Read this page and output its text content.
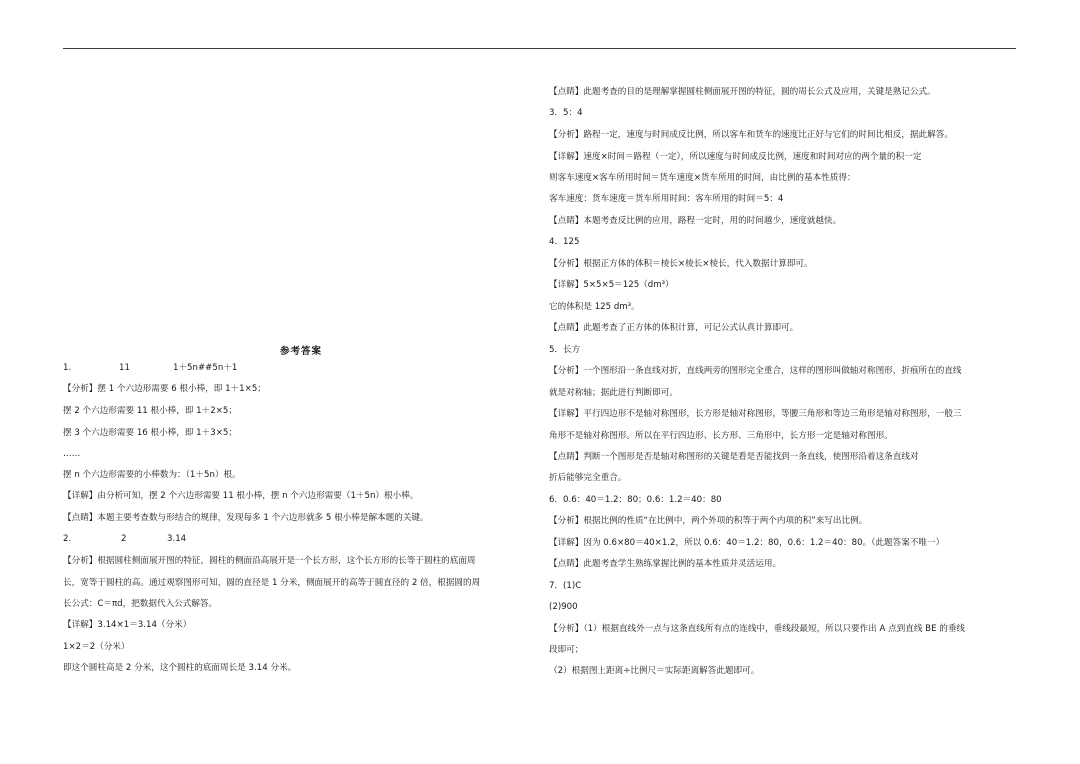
参考答案

1.	11	1＋5n##5n＋1

【分析】摆 1 个六边形需要 6 根小棒，即 1＋1×5；

摆 2 个六边形需要 11 根小棒，即 1＋2×5；

摆 3 个六边形需要 16 根小棒，即 1＋3×5；

……

摆 n 个六边形需要的小棒数为：（1＋5n）根。

【详解】由分析可知，摆 2 个六边形需要 11 根小棒，摆 n 个六边形需要（1＋5n）根小棒。

【点睛】本题主要考查数与形结合的规律，发现每多 1 个六边形就多 5 根小棒是解本题的关键。

2.	2	3.14

【分析】根据圆柱侧面展开图的特征，圆柱的侧面沿高展开是一个长方形，这个长方形的长等于圆柱的底面周

长，宽等于圆柱的高。通过观察图形可知，圆的直径是 1 分米，侧面展开的高等于圆直径的 2 倍，根据圆的周

长公式：C＝πd，把数据代入公式解答。

【详解】3.14×1＝3.14（分米）

1×2＝2（分米）

即这个圆柱高是 2 分米，这个圆柱的底面周长是 3.14 分米。

【点睛】此题考查的目的是理解掌握圆柱侧面展开图的特征，圆的周长公式及应用，关键是熟记公式。

3．5：4

【分析】路程一定，速度与时间成反比例，所以客车和货车的速度比正好与它们的时间比相反，据此解答。

【详解】速度×时间＝路程（一定），所以速度与时间成反比例，速度和时间对应的两个量的积一定

则客车速度×客车所用时间＝货车速度×货车所用的时间，由比例的基本性质得：

客车速度：货车速度＝货车所用时间：客车所用的时间＝5：4

【点睛】本题考查反比例的应用，路程一定时，用的时间越少，速度就越快。

4．125

【分析】根据正方体的体积＝棱长×棱长×棱长，代入数据计算即可。

【详解】5×5×5＝125（dm³）

它的体积是 125 dm³。

【点睛】此题考查了正方体的体积计算，可记公式认真计算即可。

5．长方

【分析】一个图形沿一条直线对折，直线两旁的图形完全重合，这样的图形叫做轴对称图形，折痕所在的直线

就是对称轴；据此进行判断即可。

【详解】平行四边形不是轴对称图形，长方形是轴对称图形，等腰三角形和等边三角形是轴对称图形，一般三

角形不是轴对称图形。所以在平行四边形、长方形、三角形中，长方形一定是轴对称图形。

【点睛】判断一个图形是否是轴对称图形的关键是看是否能找到一条直线，使图形沿着这条直线对

折后能够完全重合。

6．0.6：40＝1.2：80；0.6：1.2＝40：80

【分析】根据比例的性质“在比例中，两个外项的积等于两个内项的积”来写出比例。

【详解】因为 0.6×80＝40×1.2，所以 0.6：40＝1.2：80，0.6：1.2＝40：80。（此题答案不唯一）

【点睛】此题考查学生熟练掌握比例的基本性质并灵活运用。

7．(1)C

(2)900

【分析】（1）根据直线外一点与这条直线所有点的连线中，垂线段最短，所以只要作出 A 点到直线 BE 的垂线

段即可；

（2）根据图上距离÷比例尺＝实际距离解答此题即可。
